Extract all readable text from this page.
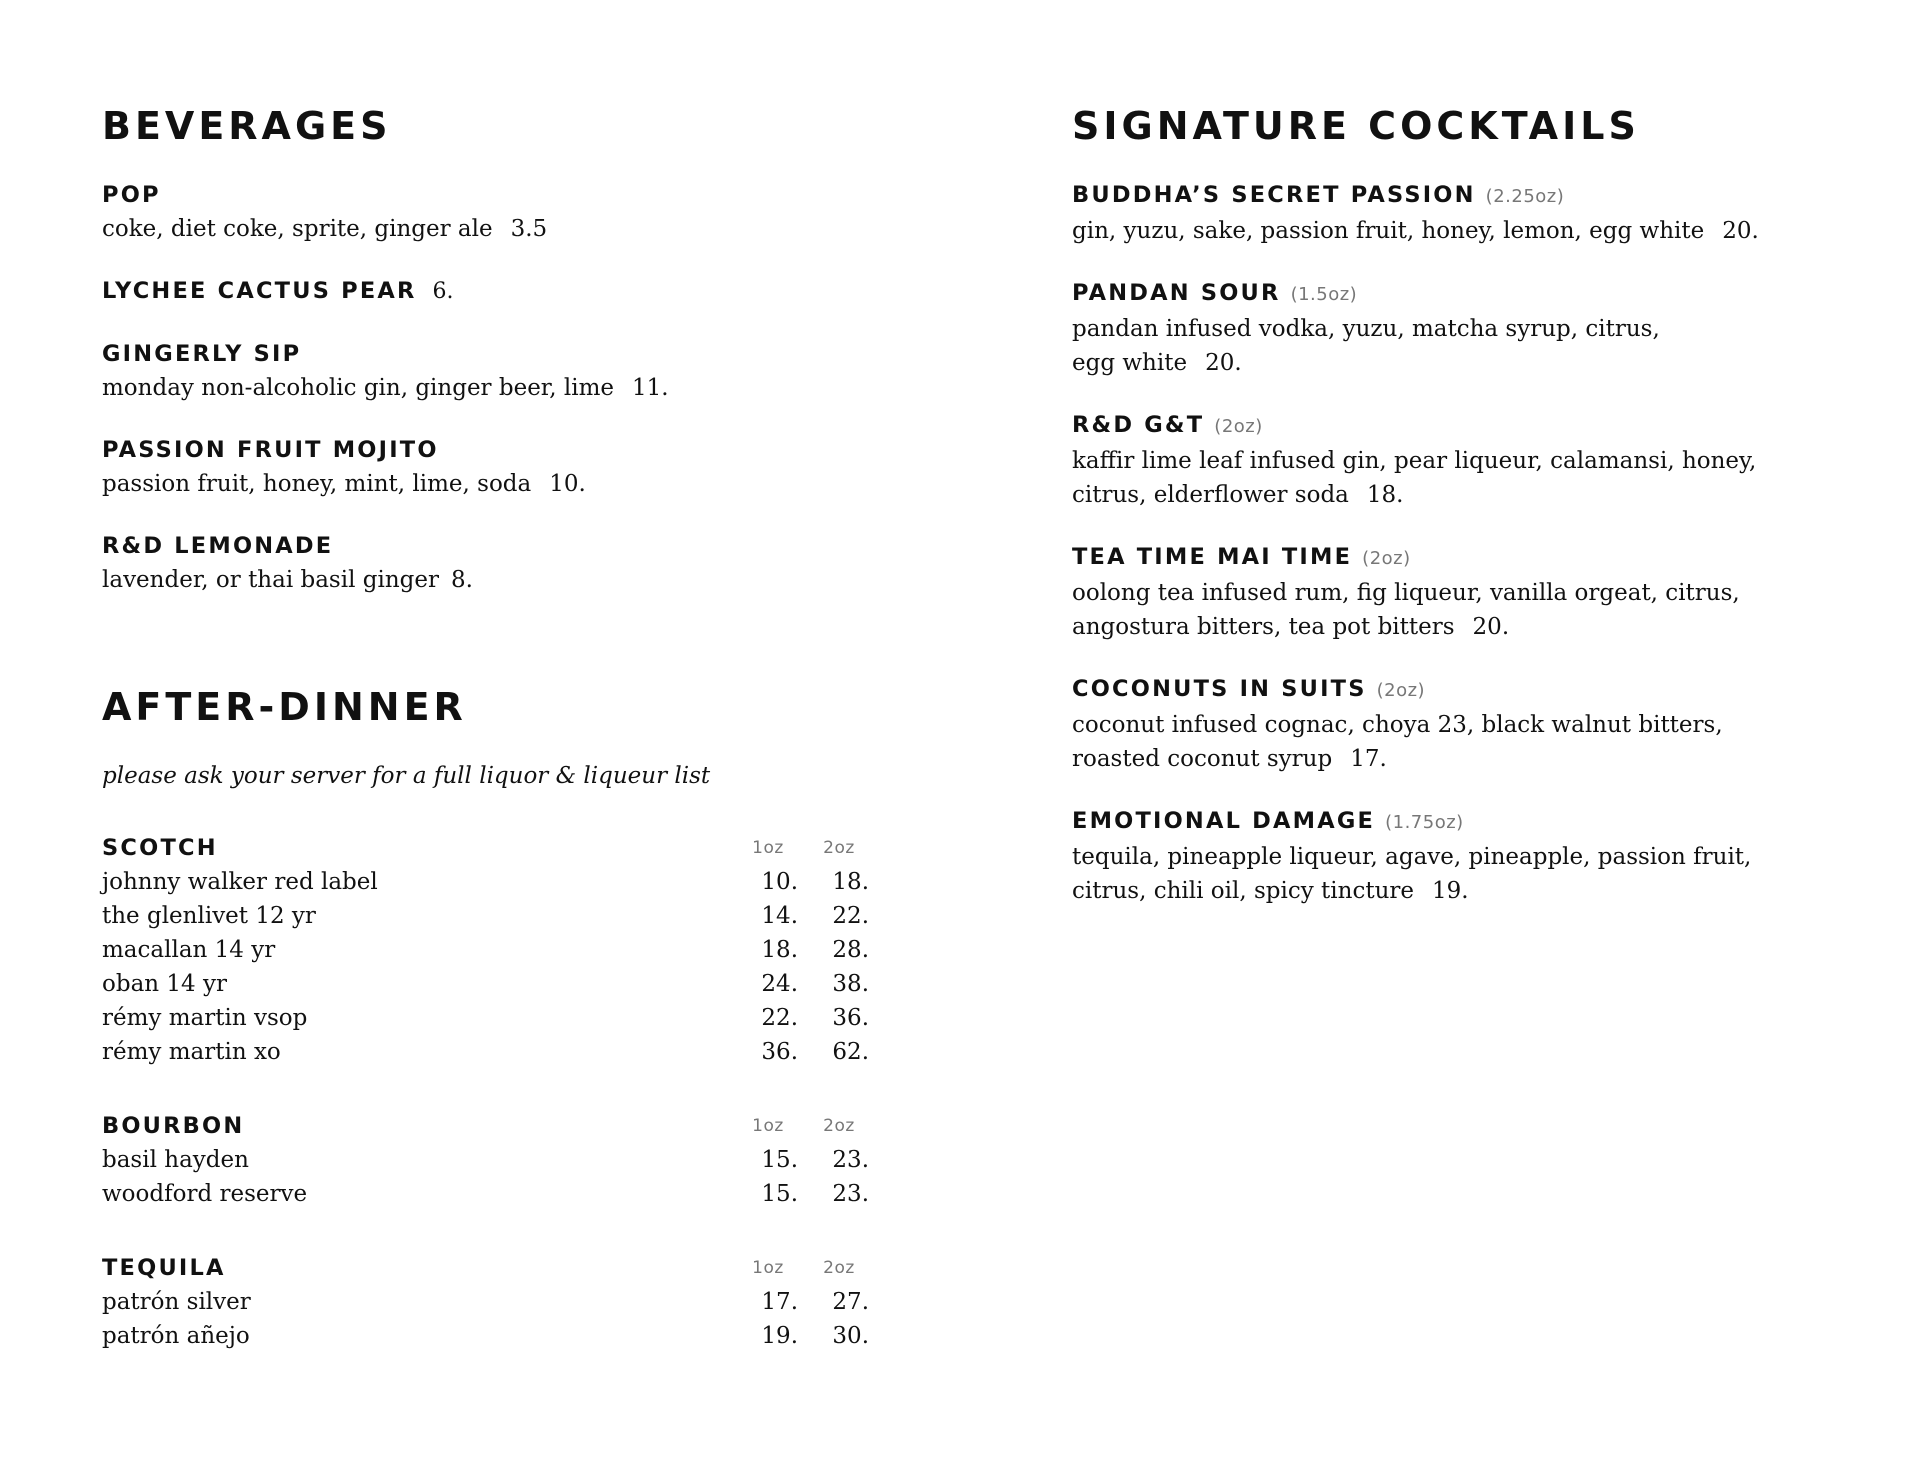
BEVERAGES
POP
coke, diet coke, sprite, ginger ale 3.5
LYCHEE CACTUS PEAR 6.
GINGERLY SIP
monday non-alcoholic gin, ginger beer, lime 11.
PASSION FRUIT MOJITO
passion fruit, honey, mint, lime, soda 10.
R&D LEMONADE
lavender, or thai basil ginger 8.
AFTER-DINNER
please ask your server for a full liquor & liqueur list
SCOTCH	1oz	2oz
johnny walker red label	10.	18.
the glenlivet 12 yr	14.	22.
macallan 14 yr	18.	28.
oban 14 yr	24.	38.
rémy martin vsop	22.	36.
rémy martin xo	36.	62.
BOURBON	1oz	2oz
basil hayden	15.	23.
woodford reserve	15.	23.
TEQUILA	1oz	2oz
patrón silver	17.	27.
patrón añejo	19.	30.
SIGNATURE COCKTAILS
BUDDHA’S SECRET PASSION (2.25oz)
gin, yuzu, sake, passion fruit, honey, lemon, egg white 20.
PANDAN SOUR (1.5oz)
pandan infused vodka, yuzu, matcha syrup, citrus,
egg white 20.
R&D G&T (2oz)
kaffir lime leaf infused gin, pear liqueur, calamansi, honey,
citrus, elderflower soda 18.
TEA TIME MAI TIME (2oz)
oolong tea infused rum, fig liqueur, vanilla orgeat, citrus,
angostura bitters, tea pot bitters 20.
COCONUTS IN SUITS (2oz)
coconut infused cognac, choya 23, black walnut bitters,
roasted coconut syrup 17.
EMOTIONAL DAMAGE (1.75oz)
tequila, pineapple liqueur, agave, pineapple, passion fruit,
citrus, chili oil, spicy tincture 19.
